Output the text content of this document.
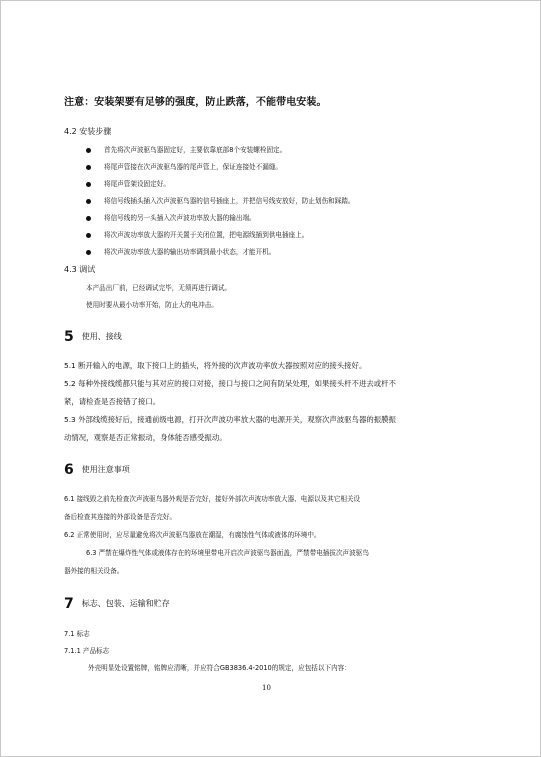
注意：安装架要有足够的强度，防止跌落，不能带电安装。
4.2 安装步骤
首先将次声波驱鸟器固定好，主要依靠底部8个安装螺栓固定。
将尾声管接在次声波驱鸟器的尾声管上，保证连接处不漏缝。
将尾声管架设固定好。
将信号线插头插入次声波驱鸟器的信号插座上，并把信号线安放好，防止划伤和踩踏。
将信号线的另一头插入次声波功率放大器的输出端。
将次声波功率放大器的开关置于关闭位置，把电源线插到供电插座上。
将次声波功率放大器的输出功率调到最小状态，才能开机。
4.3 调试
本产品出厂前，已经调试完毕，无须再进行调试。
使用时要从最小功率开始，防止大的电冲击。
5 使用、接线
5.1 断开输入的电源，取下接口上的插头，将外接的次声波功率放大器按照对应的接头接好。
5.2 每种外接线缆都只能与其对应的接口对接，接口与接口之间有防呆处理，如果接头杆不进去或杆不
紧，请检查是否接错了接口。
5.3 外部线缆接好后，接通前级电源，打开次声波功率放大器的电源开关，观察次声波驱鸟器的振膜振
动情况，观察是否正常振动，身体能否感受振动。
6 使用注意事项
6.1 接线毁之前先检查次声波驱鸟器外观是否完好，接好外部次声波功率放大器、电源以及其它相关设
备后检查其连接的外部设备是否完好。
6.2 正常使用时，应尽量避免将次声波驱鸟器放在潮湿，有腐蚀性气体或液体的环境中。
6.3 严禁在爆炸性气体或液体存在的环境里带电开启次声波驱鸟器面盖，严禁带电插拔次声波驱鸟
器外接的相关设备。
7 标志、包装、运输和贮存
7.1 标志
7.1.1 产品标志
外壳明显处设置铭牌，铭牌应清晰，并应符合GB3836.4-2010的规定，应包括以下内容：
10
